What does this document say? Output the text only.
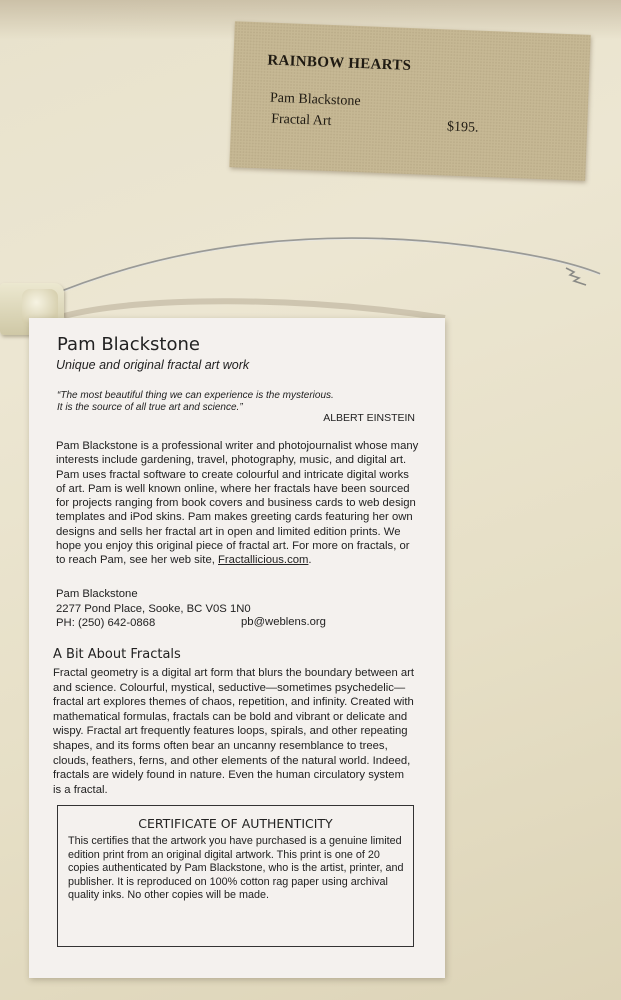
RAINBOW HEARTS
Pam Blackstone
Fractal Art	$195.
Pam Blackstone
Unique and original fractal art work
“The most beautiful thing we can experience is the mysterious.
It is the source of all true art and science.”
ALBERT EINSTEIN
Pam Blackstone is a professional writer and photojournalist whose many interests include gardening, travel, photography, music, and digital art. Pam uses fractal software to create colourful and intricate digital works of art. Pam is well known online, where her fractals have been sourced for projects ranging from book covers and business cards to web design templates and iPod skins. Pam makes greeting cards featuring her own designs and sells her fractal art in open and limited edition prints. We hope you enjoy this original piece of fractal art. For more on fractals, or to reach Pam, see her web site, Fractallicious.com.
Pam Blackstone
2277 Pond Place, Sooke, BC V0S 1N0
PH: (250) 642-0868	pb@weblens.org
A Bit About Fractals
Fractal geometry is a digital art form that blurs the boundary between art and science. Colourful, mystical, seductive—sometimes psychedelic—fractal art explores themes of chaos, repetition, and infinity. Created with mathematical formulas, fractals can be bold and vibrant or delicate and wispy. Fractal art frequently features loops, spirals, and other repeating shapes, and its forms often bear an uncanny resemblance to trees, clouds, feathers, ferns, and other elements of the natural world. Indeed, fractals are widely found in nature. Even the human circulatory system is a fractal.
CERTIFICATE OF AUTHENTICITY
This certifies that the artwork you have purchased is a genuine limited edition print from an original digital artwork. This print is one of 20 copies authenticated by Pam Blackstone, who is the artist, printer, and publisher. It is reproduced on 100% cotton rag paper using archival quality inks. No other copies will be made.
